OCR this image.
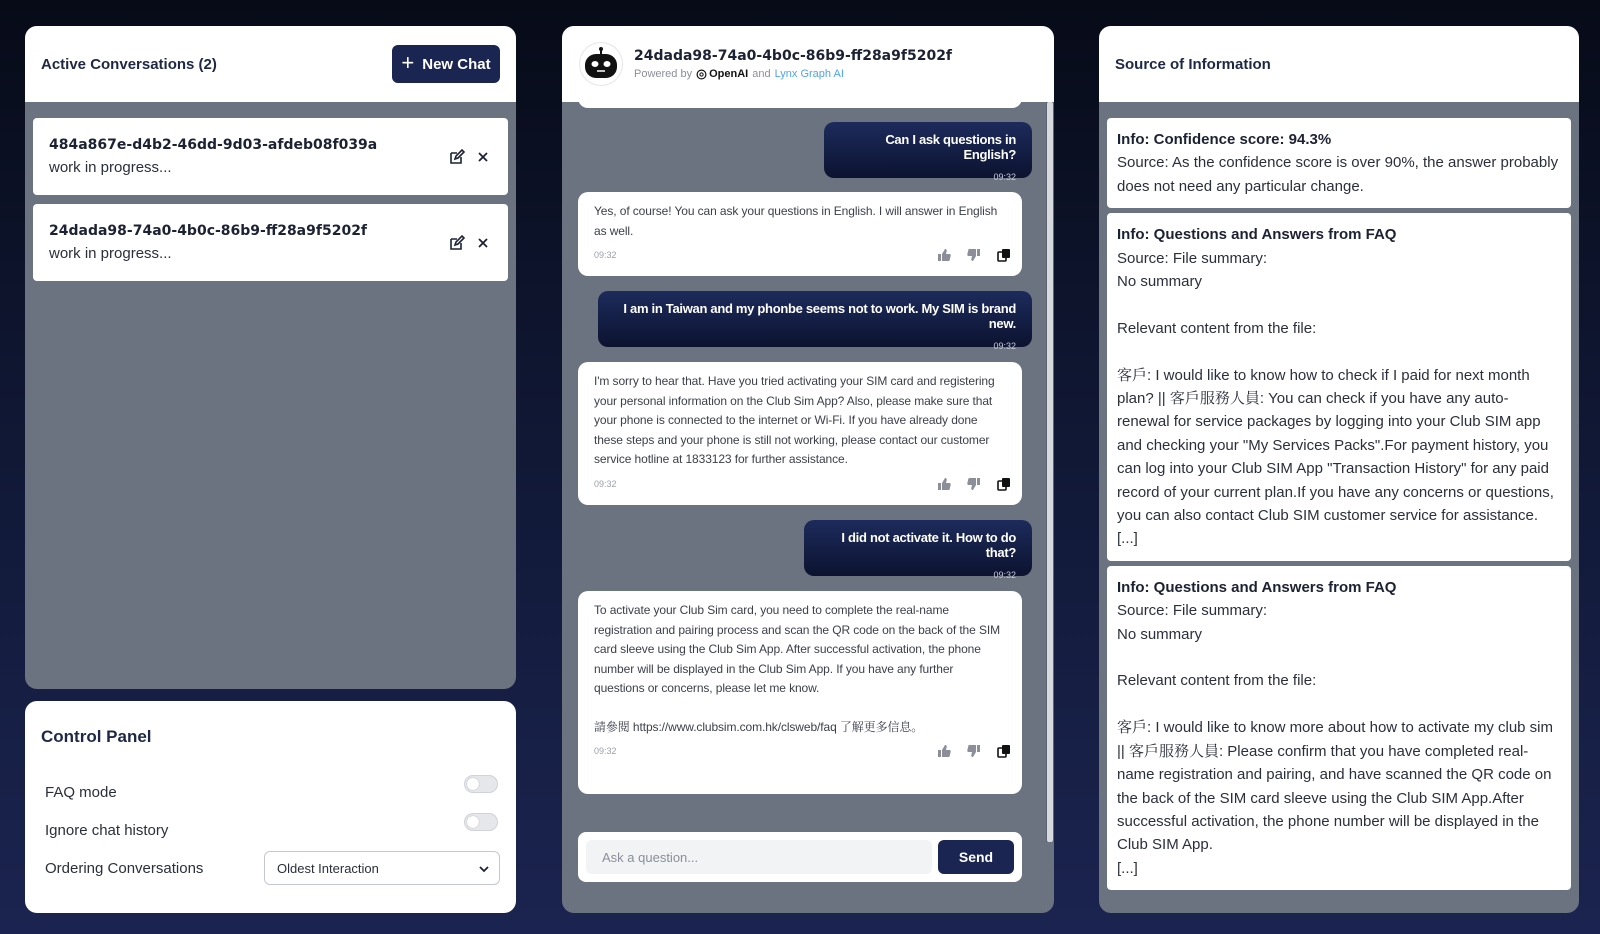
Active Conversations (2)	+ New Chat
484a867e-d4b2-46dd-9d03-afdeb08f039a
work in progress...
24dada98-74a0-4b0c-86b9-ff28a9f5202f
work in progress...
Control Panel
FAQ mode
Ignore chat history
Ordering Conversations	Oldest Interaction
24dada98-74a0-4b0c-86b9-ff28a9f5202f
Powered by OpenAI and Lynx Graph AI
Can I ask questions in English?
09:32
Yes, of course! You can ask your questions in English. I will answer in English as well.
09:32
I am in Taiwan and my phonbe seems not to work. My SIM is brand new.
09:32
I'm sorry to hear that. Have you tried activating your SIM card and registering your personal information on the Club Sim App? Also, please make sure that your phone is connected to the internet or Wi-Fi. If you have already done these steps and your phone is still not working, please contact our customer service hotline at 1833123 for further assistance.
09:32
I did not activate it. How to do that?
09:32
To activate your Club Sim card, you need to complete the real-name registration and pairing process and scan the QR code on the back of the SIM card sleeve using the Club Sim App. After successful activation, the phone number will be displayed in the Club Sim App. If you have any further questions or concerns, please let me know.
請參閱 https://www.clubsim.com.hk/clsweb/faq 了解更多信息。
09:32
Ask a question...	Send
Source of Information
Info: Confidence score: 94.3%
Source: As the confidence score is over 90%, the answer probably does not need any particular change.
Info: Questions and Answers from FAQ
Source: File summary:
No summary
Relevant content from the file:
客戶: I would like to know how to check if I paid for next month plan? || 客戶服務人員: You can check if you have any auto-renewal for service packages by logging into your Club SIM app and checking your "My Services Packs".For payment history, you can log into your Club SIM App "Transaction History" for any paid record of your current plan.If you have any concerns or questions, you can also contact Club SIM customer service for assistance.
[...]
Info: Questions and Answers from FAQ
Source: File summary:
No summary
Relevant content from the file:
客戶: I would like to know more about how to activate my club sim || 客戶服務人員: Please confirm that you have completed real-name registration and pairing, and have scanned the QR code on the back of the SIM card sleeve using the Club SIM App.After successful activation, the phone number will be displayed in the Club SIM App.
[...]
